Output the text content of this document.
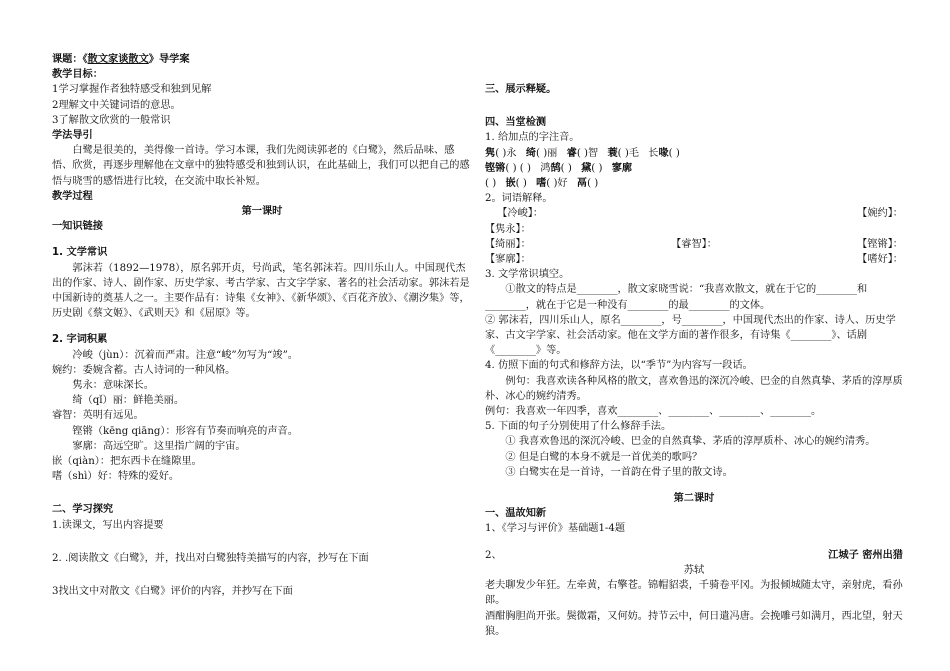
课题：《散文家谈散文》导学案
教学目标：
1学习掌握作者独特感受和独到见解
2理解文中关键词语的意思。
3了解散文欣赏的一般常识
学法导引

白鹭是很美的，美得像一首诗。学习本课，我们先阅读郭老的《白鹭》，然后品味、感悟、欣赏，再逐步理解他在文章中的独特感受和独到认识，在此基础上，我们可以把自己的感悟与晓雪的感悟进行比较，在交流中取长补短。

教学过程
第一课时
一知识链接
1. 文学常识

郭沫若（1892—1978），原名郭开贞，号尚武，笔名郭沫若。四川乐山人。中国现代杰出的作家、诗人、剧作家、历史学家、考古学家、古文字学家、著名的社会活动家。郭沫若是中国新诗的奠基人之一。主要作品有：诗集《女神》、《新华颂》、《百花齐放》、《潮汐集》等，历史剧《蔡文姬》、《武则天》和《屈原》等。

2. 字词积累
冷峻（jùn）：沉着而严肃。注意“峻”勿写为“竣”。
婉约：委婉含蓄。古人诗词的一种风格。
隽永：意味深长。
绮（qǐ）丽：鲜艳美丽。
睿智：英明有远见。
铿锵（kēng qiāng）：形容有节奏而响亮的声音。
寥廓：高远空旷。这里指广阔的宇宙。
嵌（qiàn）：把东西卡在缝隙里。
嗜（shì）好：特殊的爱好。
二、学习探究
1.读课文，写出内容提要
2. .阅读散文《白鹭》，并，找出对白鹭独特美描写的内容，抄写在下面
3找出文中对散文《白鹭》评价的内容，并抄写在下面
三、展示释疑。
四、当堂检测
1. 给加点的字注音。
隽( )永 绮( )丽 睿( )智 蓑( )毛 长喙( )
铿锵( ) ( ) 鸿鹄( ) 黛( ) 寥廓
( ) 嵌( ) 嗜( )好 鬲( )
2。词语解释。
【冷峻】：	【婉约】：
【隽永】：
【绮丽】：	【睿智】：	【铿锵】：
【寥廓】：	【嗜好】：
3. 文学常识填空。

①散文的特点是________，散文家晓雪说：“我喜欢散文，就在于它的________和________，就在于它是一种没有________的最________的文体。

② 郭沫若，四川乐山人，原名________，号________，中国现代杰出的作家、诗人、历史学家、古文字学家、社会活动家。他在文学方面的著作很多，有诗集《________》、话剧《________》等。

4. 仿照下面的句式和修辞方法，以“季节”为内容写一段话。

例句：我喜欢读各种风格的散文，喜欢鲁迅的深沉冷峻、巴金的自然真挚、茅盾的淳厚质朴、冰心的婉约清秀。

例句：我喜欢一年四季，喜欢________、________、________、________。
5. 下面的句子分别使用了什么修辞手法。
① 我喜欢鲁迅的深沉冷峻、巴金的自然真挚、茅盾的淳厚质朴、冰心的婉约清秀。
② 但是白鹭的本身不就是一首优美的歌吗？
③ 白鹭实在是一首诗，一首韵在骨子里的散文诗。
第二课时
一、温故知新
1、《学习与评价》基础题1-4题
2、	江城子 密州出猎
苏轼

老夫聊发少年狂。左牵黄，右擎苍。锦帽貂裘，千骑卷平冈。为报倾城随太守，亲射虎，看孙郎。

酒酣胸胆尚开张。鬓微霜，又何妨。持节云中，何日遣冯唐。会挽雕弓如满月，西北望，射天狼。
